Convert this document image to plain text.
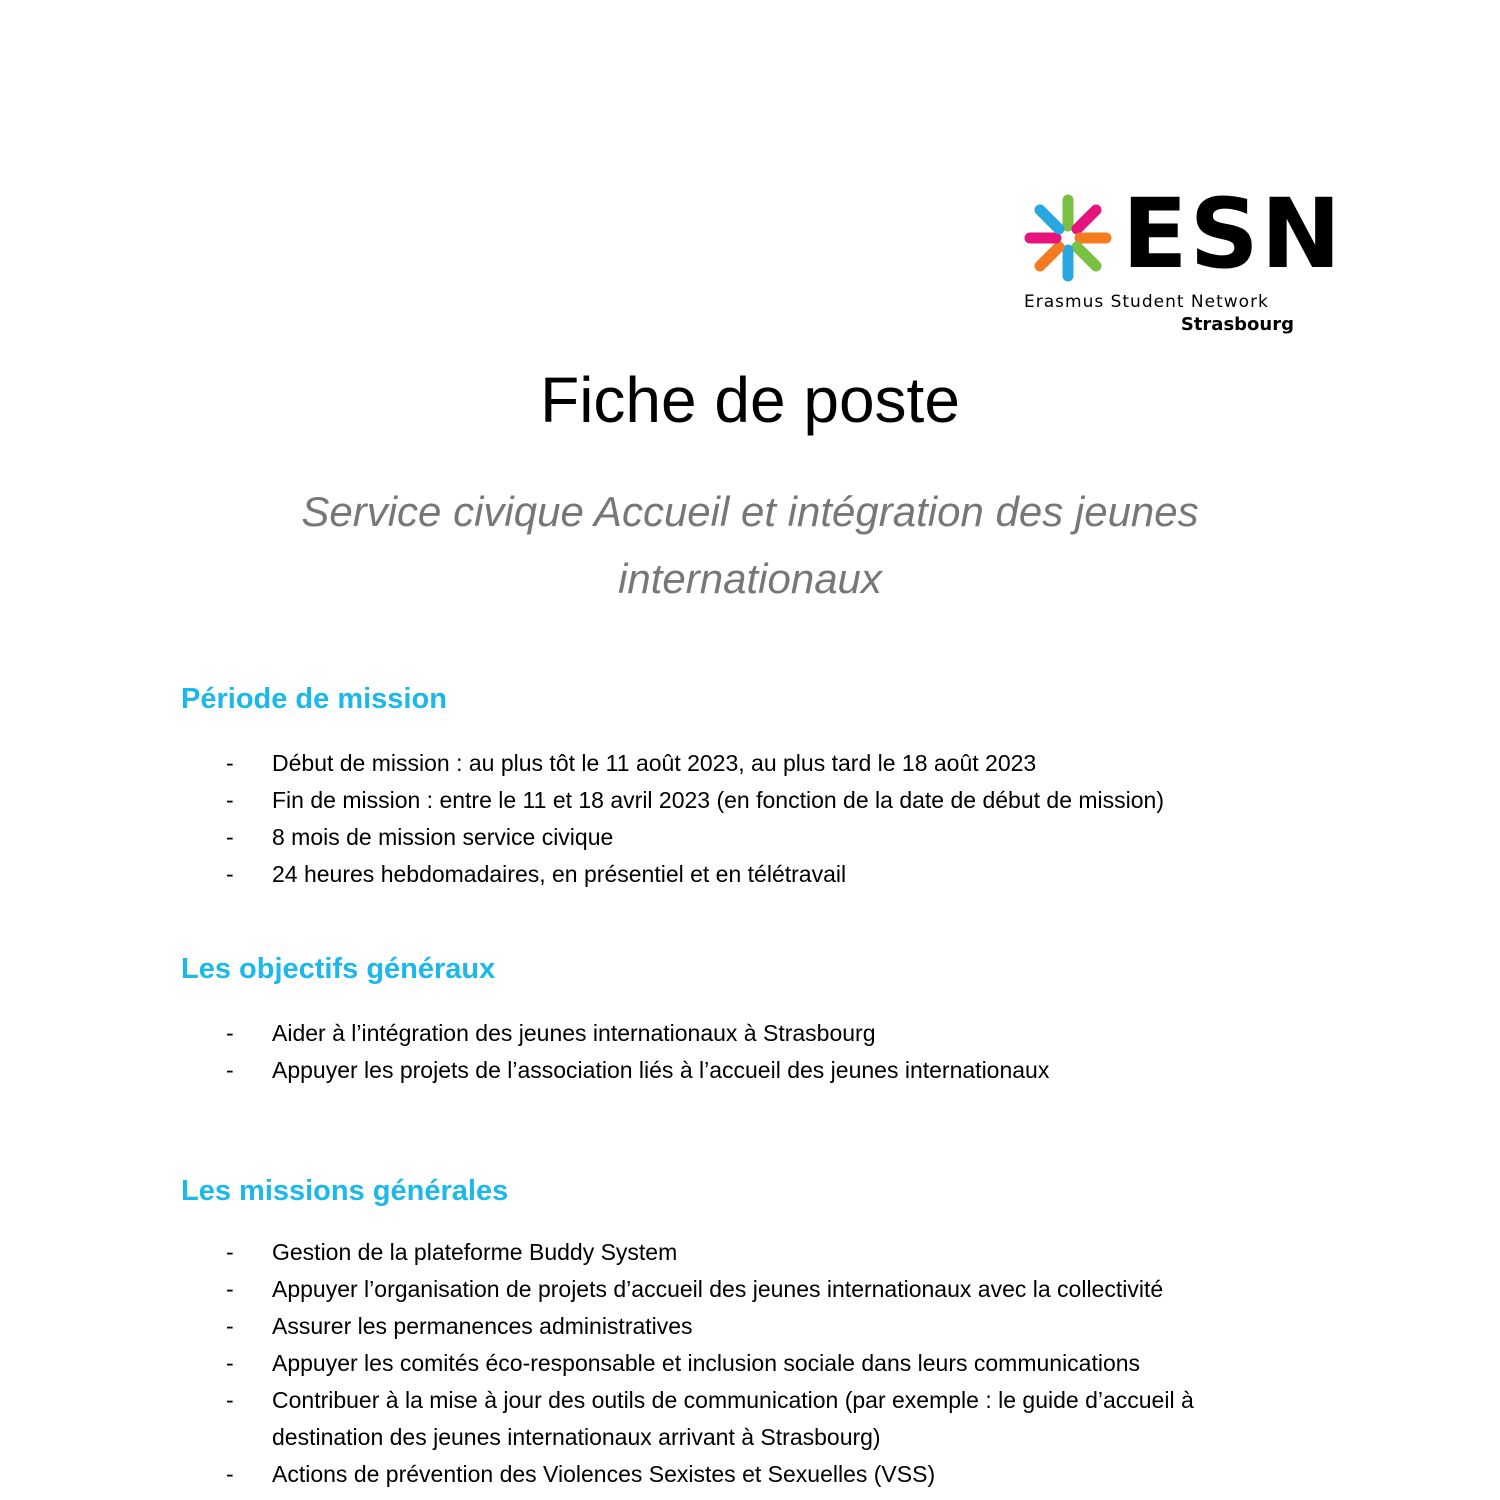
ESN
Erasmus Student Network
Strasbourg
Fiche de poste
Service civique Accueil et intégration des jeunes internationaux
Période de mission
- Début de mission : au plus tôt le 11 août 2023, au plus tard le 18 août 2023
- Fin de mission : entre le 11 et 18 avril 2023 (en fonction de la date de début de mission)
- 8 mois de mission service civique
- 24 heures hebdomadaires, en présentiel et en télétravail
Les objectifs généraux
- Aider à l’intégration des jeunes internationaux à Strasbourg
- Appuyer les projets de l’association liés à l’accueil des jeunes internationaux
Les missions générales
- Gestion de la plateforme Buddy System
- Appuyer l’organisation de projets d’accueil des jeunes internationaux avec la collectivité
- Assurer les permanences administratives
- Appuyer les comités éco-responsable et inclusion sociale dans leurs communications
- Contribuer à la mise à jour des outils de communication (par exemple : le guide d’accueil à destination des jeunes internationaux arrivant à Strasbourg)
- Actions de prévention des Violences Sexistes et Sexuelles (VSS)
